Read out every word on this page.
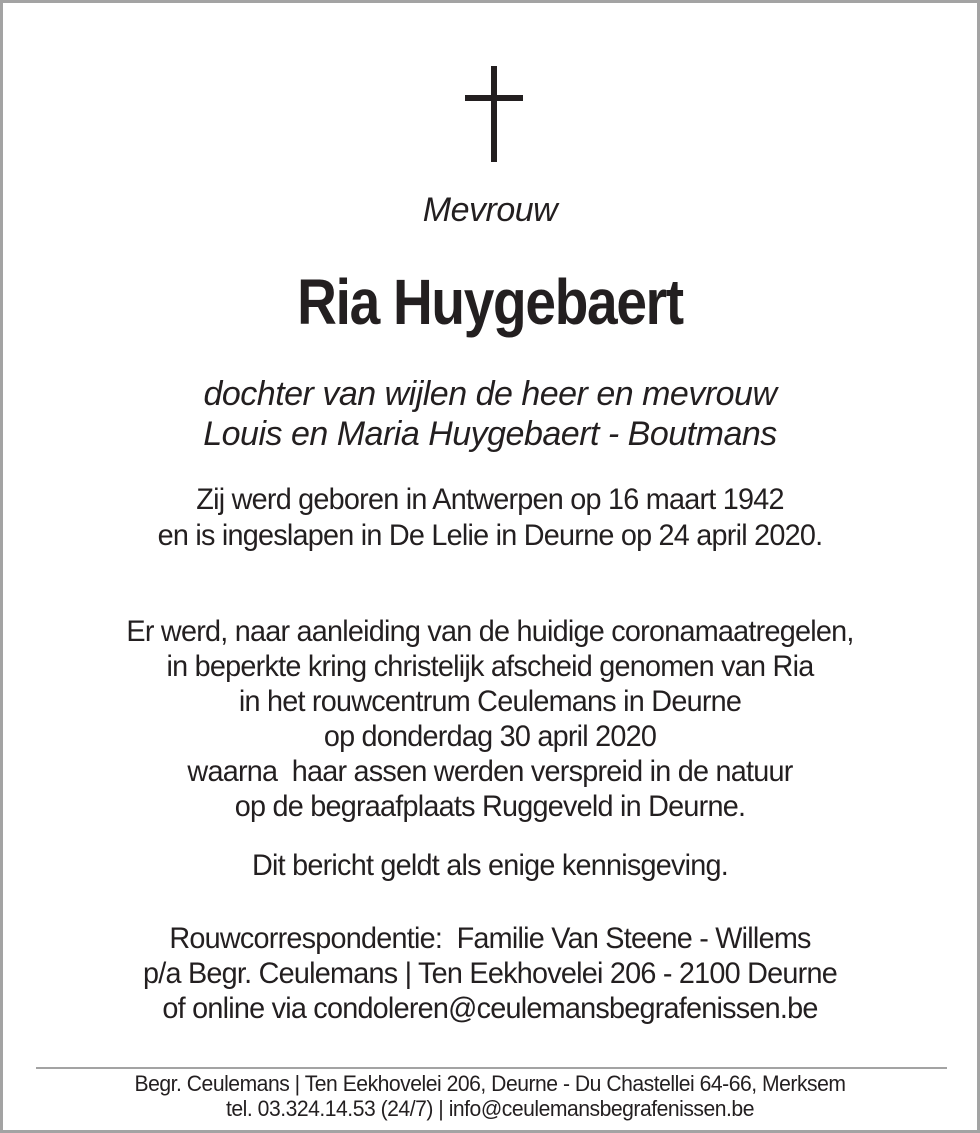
Mevrouw
Ria Huygebaert
dochter van wijlen de heer en mevrouw
Louis en Maria Huygebaert - Boutmans
Zij werd geboren in Antwerpen op 16 maart 1942
en is ingeslapen in De Lelie in Deurne op 24 april 2020.
Er werd, naar aanleiding van de huidige coronamaatregelen,
in beperkte kring christelijk afscheid genomen van Ria
in het rouwcentrum Ceulemans in Deurne
op donderdag 30 april 2020
waarna  haar assen werden verspreid in de natuur
op de begraafplaats Ruggeveld in Deurne.
Dit bericht geldt als enige kennisgeving.
Rouwcorrespondentie:  Familie Van Steene - Willems
p/a Begr. Ceulemans | Ten Eekhovelei 206 - 2100 Deurne
of online via condoleren@ceulemansbegrafenissen.be
Begr. Ceulemans | Ten Eekhovelei 206, Deurne - Du Chastellei 64-66, Merksem
tel. 03.324.14.53 (24/7) | info@ceulemansbegrafenissen.be
